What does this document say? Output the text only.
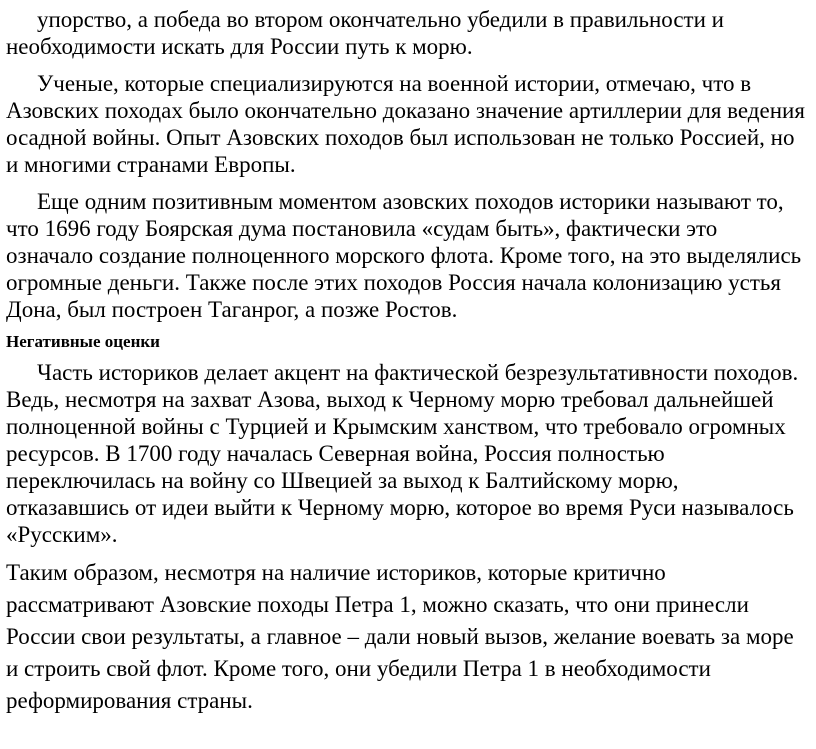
упорство, а победа во втором окончательно убедили в правильности и необходимости искать для России путь к морю.

Ученые, которые специализируются на военной истории, отмечаю, что в Азовских походах было окончательно доказано значение артиллерии для ведения осадной войны. Опыт Азовских походов был использован не только Россией, но и многими странами Европы.

Еще одним позитивным моментом азовских походов историки называют то, что 1696 году Боярская дума постановила «судам быть», фактически это означало создание полноценного морского флота. Кроме того, на это выделялись огромные деньги. Также после этих походов Россия начала колонизацию устья Дона, был построен Таганрог, а позже Ростов.

Негативные оценки

Часть историков делает акцент на фактической безрезультативности походов. Ведь, несмотря на захват Азова, выход к Черному морю требовал дальнейшей полноценной войны с Турцией и Крымским ханством, что требовало огромных ресурсов. В 1700 году началась Северная война, Россия полностью переключилась на войну со Швецией за выход к Балтийскому морю, отказавшись от идеи выйти к Черному морю, которое во время Руси называлось «Русским».

Таким образом, несмотря на наличие историков, которые критично рассматривают Азовские походы Петра 1, можно сказать, что они принесли России свои результаты, а главное – дали новый вызов, желание воевать за море и строить свой флот. Кроме того, они убедили Петра 1 в необходимости реформирования страны.
